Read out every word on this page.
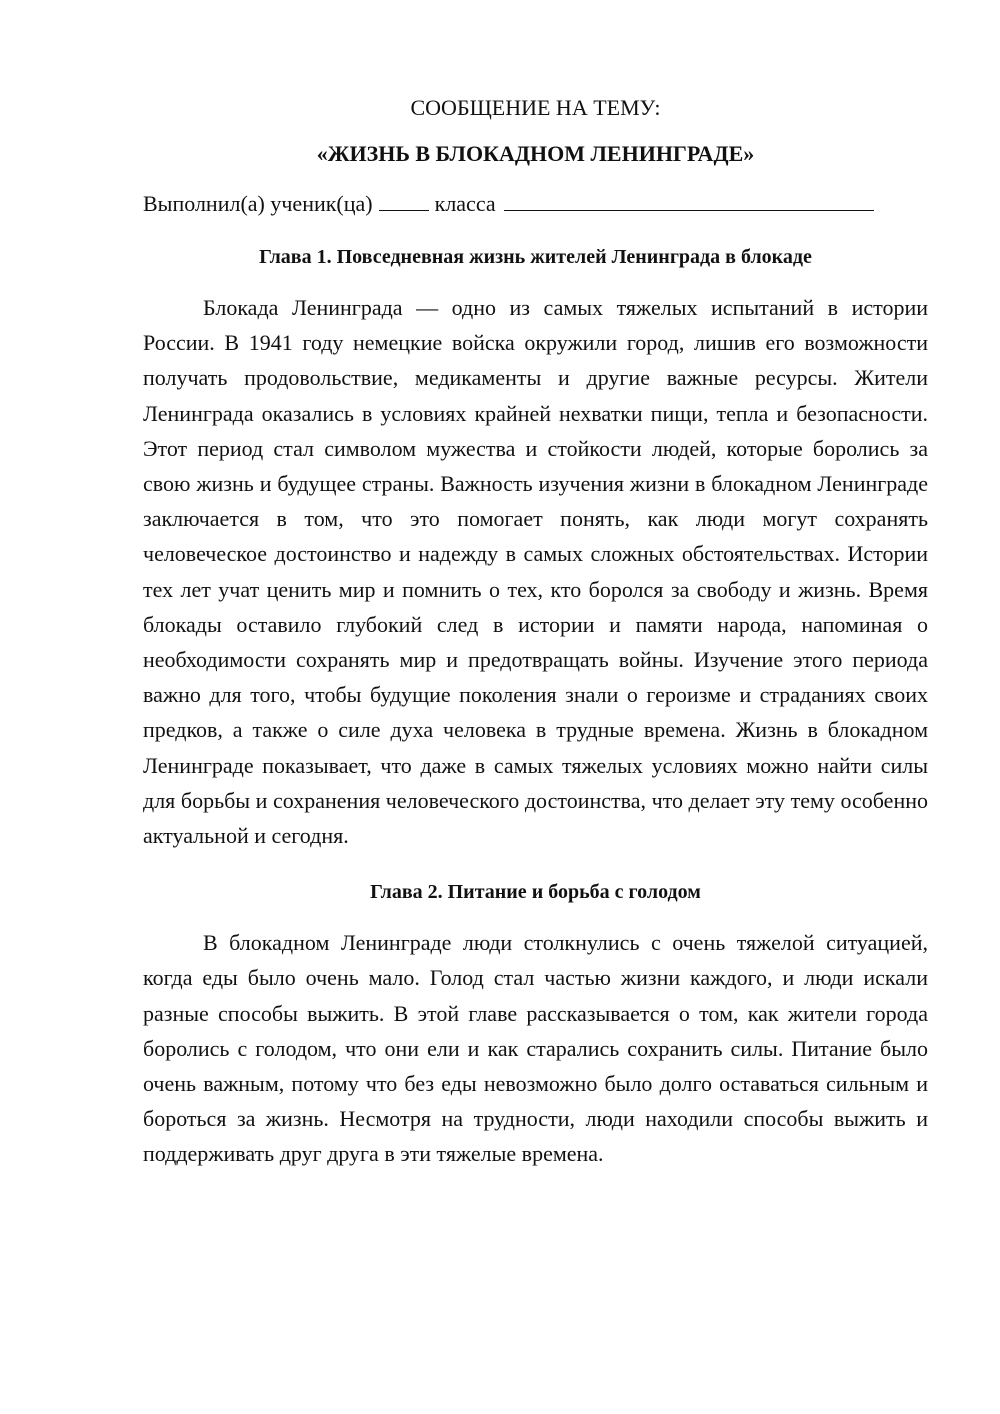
СООБЩЕНИЕ НА ТЕМУ:

«ЖИЗНЬ В БЛОКАДНОМ ЛЕНИНГРАДЕ»

Выполнил(а) ученик(ца)	класса
Глава 1. Повседневная жизнь жителей Ленинграда в блокаде

Блокада Ленинграда — одно из самых тяжелых испытаний в истории России. В 1941 году немецкие войска окружили город, лишив его возможности получать продовольствие, медикаменты и другие важные ресурсы. Жители Ленинграда оказались в условиях крайней нехватки пищи, тепла и безопасности. Этот период стал символом мужества и стойкости людей, которые боролись за свою жизнь и будущее страны. Важность изучения жизни в блокадном Ленинграде заключается в том, что это помогает понять, как люди могут сохранять человеческое достоинство и надежду в самых сложных обстоятельствах. Истории тех лет учат ценить мир и помнить о тех, кто боролся за свободу и жизнь. Время блокады оставило глубокий след в истории и памяти народа, напоминая о необходимости сохранять мир и предотвращать войны. Изучение этого периода важно для того, чтобы будущие поколения знали о героизме и страданиях своих предков, а также о силе духа человека в трудные времена. Жизнь в блокадном Ленинграде показывает, что даже в самых тяжелых условиях можно найти силы для борьбы и сохранения человеческого достоинства, что делает эту тему особенно актуальной и сегодня.

Глава 2. Питание и борьба с голодом

В блокадном Ленинграде люди столкнулись с очень тяжелой ситуацией, когда еды было очень мало. Голод стал частью жизни каждого, и люди искали разные способы выжить. В этой главе рассказывается о том, как жители города боролись с голодом, что они ели и как старались сохранить силы. Питание было очень важным, потому что без еды невозможно было долго оставаться сильным и бороться за жизнь. Несмотря на трудности, люди находили способы выжить и поддерживать друг друга в эти тяжелые времена.
